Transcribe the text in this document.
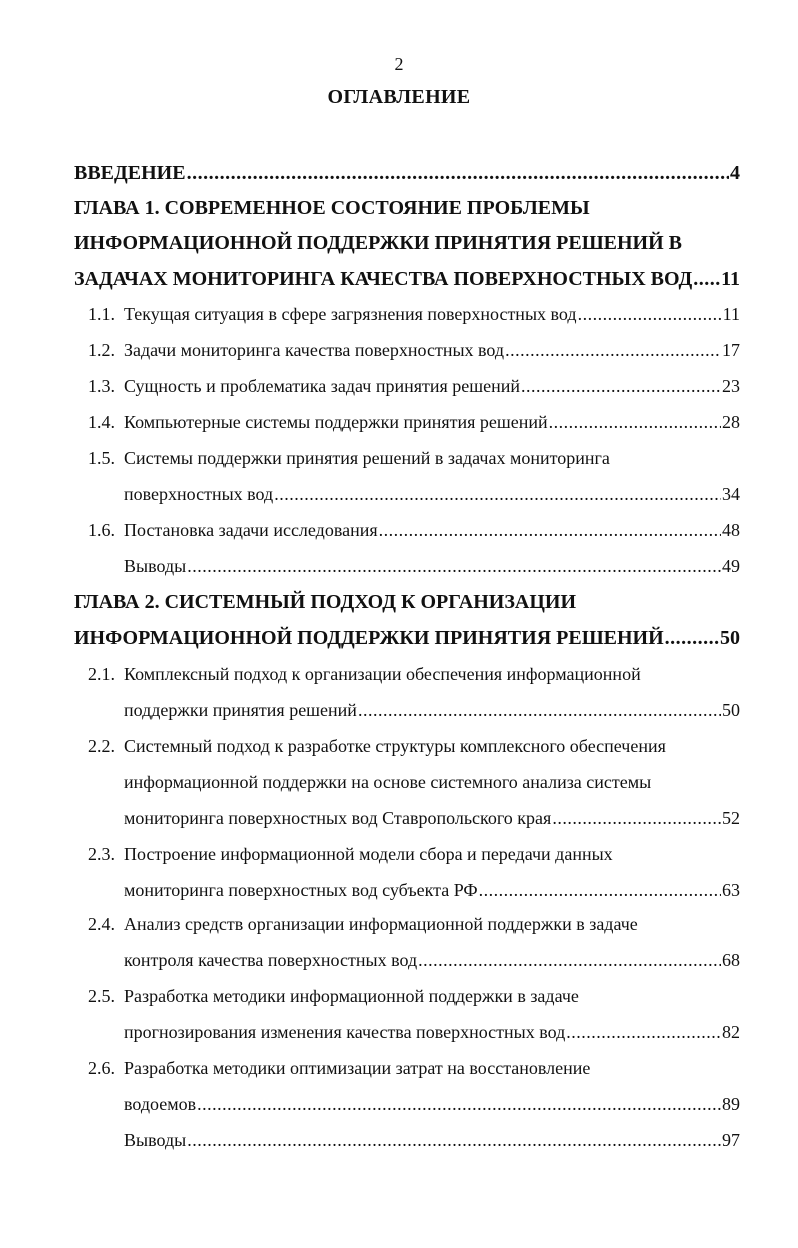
2
ОГЛАВЛЕНИЕ
ВВЕДЕНИЕ .....	4
ГЛАВА 1. СОВРЕМЕННОЕ СОСТОЯНИЕ ПРОБЛЕМЫ
ИНФОРМАЦИОННОЙ ПОДДЕРЖКИ ПРИНЯТИЯ РЕШЕНИЙ В
ЗАДАЧАХ МОНИТОРИНГА КАЧЕСТВА ПОВЕРХНОСТНЫХ ВОД ..... 11
1.1. Текущая ситуация в сфере загрязнения поверхностных вод .....	11
1.2. Задачи мониторинга качества поверхностных вод .....	17
1.3. Сущность и проблематика задач принятия решений .....	23
1.4. Компьютерные системы поддержки принятия решений .....	28
1.5. Системы поддержки принятия решений в задачах мониторинга
поверхностных вод .....	34
1.6. Постановка задачи исследования .....	48
Выводы .....	49
ГЛАВА 2. СИСТЕМНЫЙ ПОДХОД К ОРГАНИЗАЦИИ
ИНФОРМАЦИОННОЙ ПОДДЕРЖКИ ПРИНЯТИЯ РЕШЕНИЙ .....	50
2.1. Комплексный подход к организации обеспечения информационной
поддержки принятия решений .....	50
2.2. Системный подход к разработке структуры комплексного обеспечения
информационной поддержки на основе системного анализа системы
мониторинга поверхностных вод Ставропольского края .....	52
2.3. Построение информационной модели сбора и передачи данных
мониторинга поверхностных вод субъекта РФ .....	63
2.4. Анализ средств организации информационной поддержки в задаче
контроля качества поверхностных вод .....	68
2.5. Разработка методики информационной поддержки в задаче
прогнозирования изменения качества поверхностных вод .....	82
2.6. Разработка методики оптимизации затрат на восстановление
водоемов .....	89
Выводы .....	97
